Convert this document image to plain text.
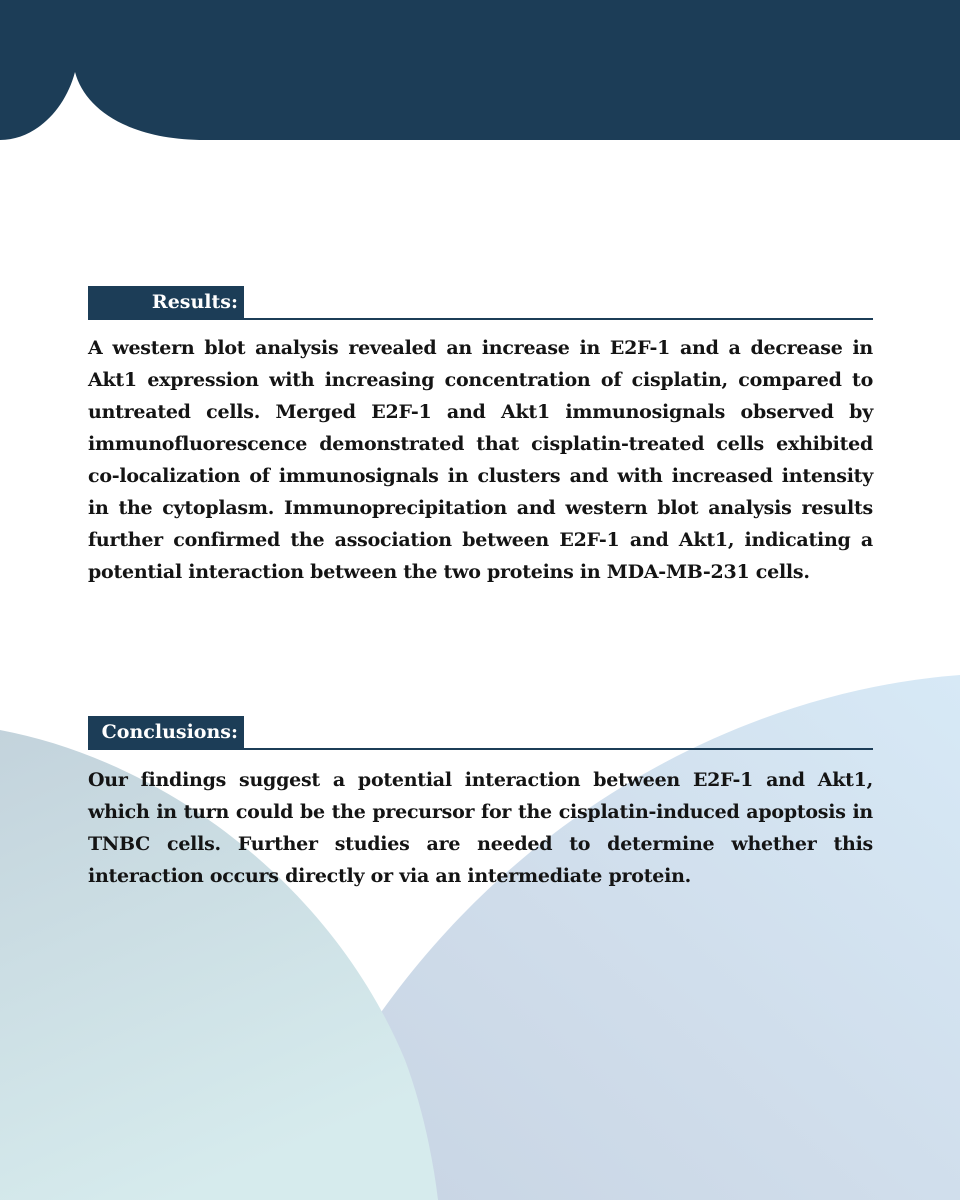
Results:

A western blot analysis revealed an increase in E2F-1 and a decrease in Akt1 expression with increasing concentration of cisplatin, compared to untreated cells. Merged E2F-1 and Akt1 immunosignals observed by immunofluorescence demonstrated that cisplatin-treated cells exhibited co-localization of immunosignals in clusters and with increased intensity in the cytoplasm. Immunoprecipitation and western blot analysis results further confirmed the association between E2F-1 and Akt1, indicating a potential interaction between the two proteins in MDA-MB-231 cells.

Conclusions:

Our findings suggest a potential interaction between E2F-1 and Akt1, which in turn could be the precursor for the cisplatin-induced apoptosis in TNBC cells. Further studies are needed to determine whether this interaction occurs directly or via an intermediate protein.
